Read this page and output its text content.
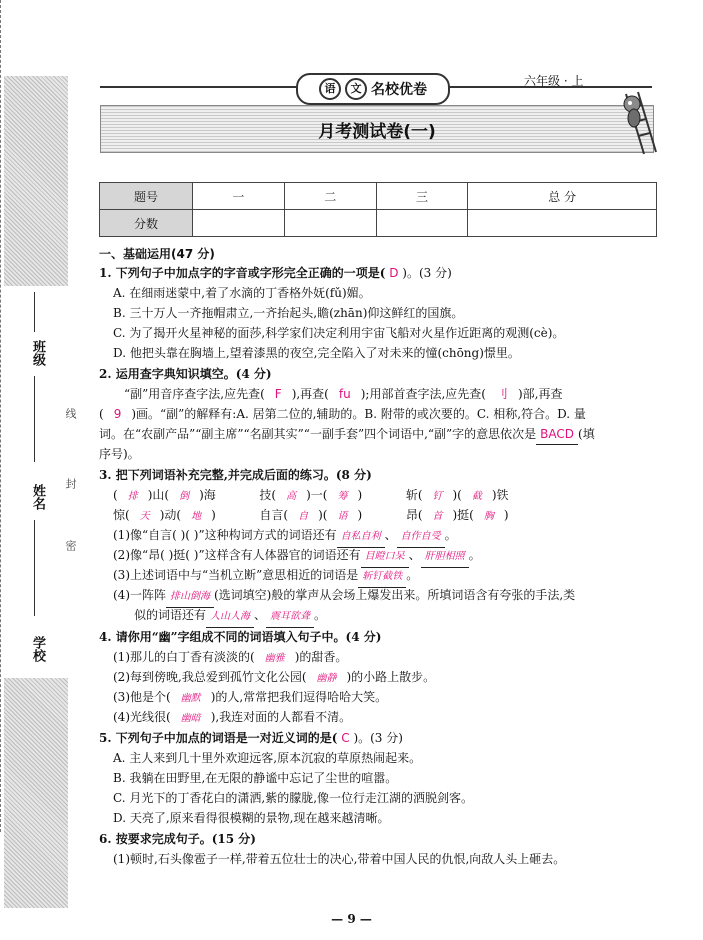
班级
姓名
学校
线
封
密
语	文 名校优卷
六年级 · 上
月考测试卷(一)
题号	一	二	三	总 分
分数				
一、基础运用(47 分)
1. 下列句子中加点字的字音或字形完全正确的一项是( D )。(3 分)
A. 在细雨迷蒙中,着了水滴的丁香格外妩(fǔ)媚。
B. 三十万人一齐拖帽肃立,一齐抬起头,瞻(zhān)仰这鲜红的国旗。
C. 为了揭开火星神秘的面莎,科学家们决定利用宇宙飞船对火星作近距离的观测(cè)。
D. 他把头靠在胸墙上,望着漆黑的夜空,完全陷入了对未来的憧(chōng)憬里。
2. 运用查字典知识填空。(4 分)
“副”用音序查字法,应先查( F ),再查( fu );用部首查字法,应先查( 刂 )部,再查
( 9 )画。“副”的解释有:A. 居第二位的,辅助的。B. 附带的或次要的。C. 相称,符合。D. 量
词。在“农副产品”“副主席”“名副其实”“一副手套”四个词语中,“副”字的意思依次是 BACD (填
序号)。
3. 把下列词语补充完整,并完成后面的练习。(8 分)
( 排 )山( 倒 )海	技( 高 )一( 筹 )	斩( 钉 )( 截 )铁
惊( 天 )动( 地 )	自言( 自 )( 语 )	昂( 首 )挺( 胸 )
(1)像“自言( )( )”这种构词方式的词语还有 自私自利 、 自作自受 。
(2)像“昂( )挺( )”这样含有人体器官的词语还有 目瞪口呆 、 肝胆相照 。
(3)上述词语中与“当机立断”意思相近的词语是 斩钉截铁 。
(4)一阵阵 排山倒海 (选词填空)般的掌声从会场上爆发出来。所填词语含有夸张的手法,类
似的词语还有 人山人海 、 震耳欲聋 。
4. 请你用“幽”字组成不同的词语填入句子中。(4 分)
(1)那儿的白丁香有淡淡的( 幽雅 )的甜香。
(2)每到傍晚,我总爱到孤竹文化公园( 幽静 )的小路上散步。
(3)他是个( 幽默 )的人,常常把我们逗得哈哈大笑。
(4)光线很( 幽暗 ),我连对面的人都看不清。
5. 下列句子中加点的词语是一对近义词的是( C )。(3 分)
A. 主人来到几十里外欢迎远客,原本沉寂的草原热闹起来。
B. 我躺在田野里,在无限的静谧中忘记了尘世的喧嚣。
C. 月光下的丁香花白的潇洒,紫的朦胧,像一位行走江湖的洒脱剑客。
D. 天亮了,原来看得很模糊的景物,现在越来越清晰。
6. 按要求完成句子。(15 分)
(1)顿时,石头像雹子一样,带着五位壮士的决心,带着中国人民的仇恨,向敌人头上砸去。
— 9 —
